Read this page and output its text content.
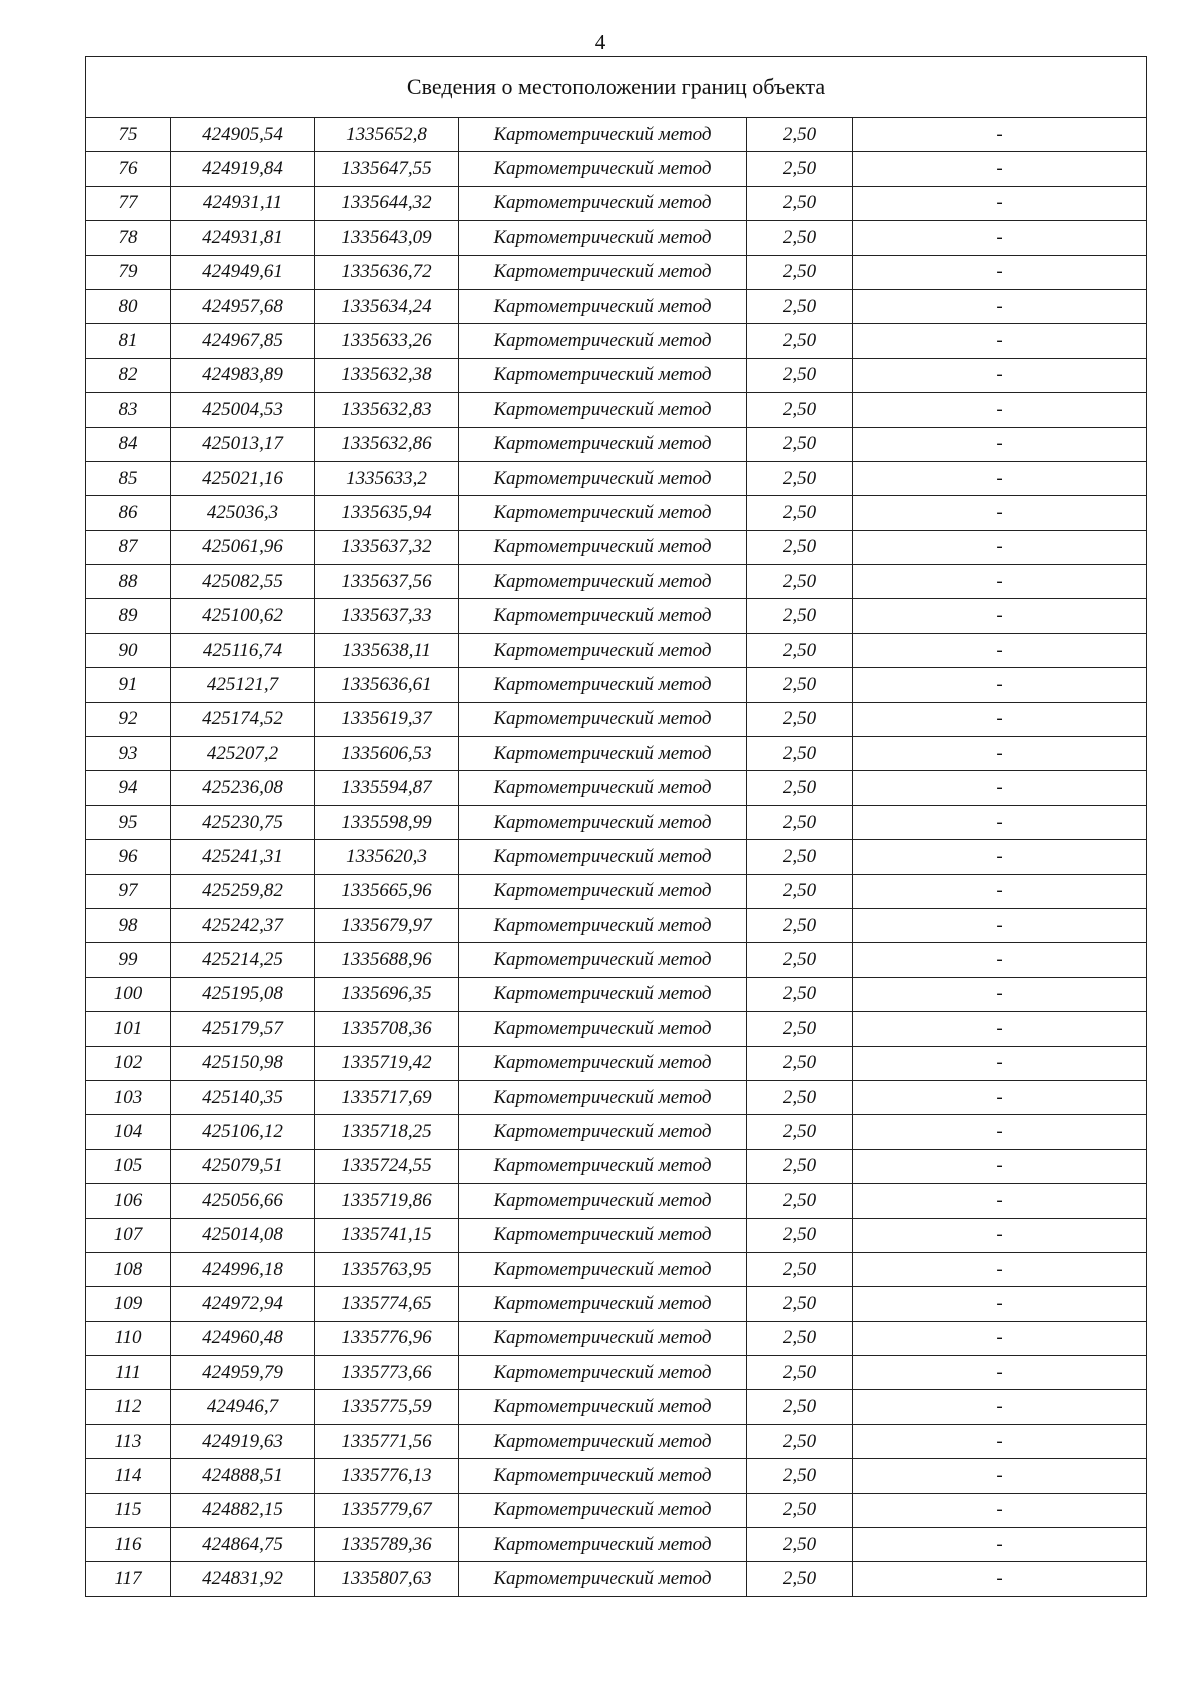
4
Сведения о местоположении границ объекта					
75	424905,54	1335652,8	Картометрический метод	2,50	-
76	424919,84	1335647,55	Картометрический метод	2,50	-
77	424931,11	1335644,32	Картометрический метод	2,50	-
78	424931,81	1335643,09	Картометрический метод	2,50	-
79	424949,61	1335636,72	Картометрический метод	2,50	-
80	424957,68	1335634,24	Картометрический метод	2,50	-
81	424967,85	1335633,26	Картометрический метод	2,50	-
82	424983,89	1335632,38	Картометрический метод	2,50	-
83	425004,53	1335632,83	Картометрический метод	2,50	-
84	425013,17	1335632,86	Картометрический метод	2,50	-
85	425021,16	1335633,2	Картометрический метод	2,50	-
86	425036,3	1335635,94	Картометрический метод	2,50	-
87	425061,96	1335637,32	Картометрический метод	2,50	-
88	425082,55	1335637,56	Картометрический метод	2,50	-
89	425100,62	1335637,33	Картометрический метод	2,50	-
90	425116,74	1335638,11	Картометрический метод	2,50	-
91	425121,7	1335636,61	Картометрический метод	2,50	-
92	425174,52	1335619,37	Картометрический метод	2,50	-
93	425207,2	1335606,53	Картометрический метод	2,50	-
94	425236,08	1335594,87	Картометрический метод	2,50	-
95	425230,75	1335598,99	Картометрический метод	2,50	-
96	425241,31	1335620,3	Картометрический метод	2,50	-
97	425259,82	1335665,96	Картометрический метод	2,50	-
98	425242,37	1335679,97	Картометрический метод	2,50	-
99	425214,25	1335688,96	Картометрический метод	2,50	-
100	425195,08	1335696,35	Картометрический метод	2,50	-
101	425179,57	1335708,36	Картометрический метод	2,50	-
102	425150,98	1335719,42	Картометрический метод	2,50	-
103	425140,35	1335717,69	Картометрический метод	2,50	-
104	425106,12	1335718,25	Картометрический метод	2,50	-
105	425079,51	1335724,55	Картометрический метод	2,50	-
106	425056,66	1335719,86	Картометрический метод	2,50	-
107	425014,08	1335741,15	Картометрический метод	2,50	-
108	424996,18	1335763,95	Картометрический метод	2,50	-
109	424972,94	1335774,65	Картометрический метод	2,50	-
110	424960,48	1335776,96	Картометрический метод	2,50	-
111	424959,79	1335773,66	Картометрический метод	2,50	-
112	424946,7	1335775,59	Картометрический метод	2,50	-
113	424919,63	1335771,56	Картометрический метод	2,50	-
114	424888,51	1335776,13	Картометрический метод	2,50	-
115	424882,15	1335779,67	Картометрический метод	2,50	-
116	424864,75	1335789,36	Картометрический метод	2,50	-
117	424831,92	1335807,63	Картометрический метод	2,50	-
